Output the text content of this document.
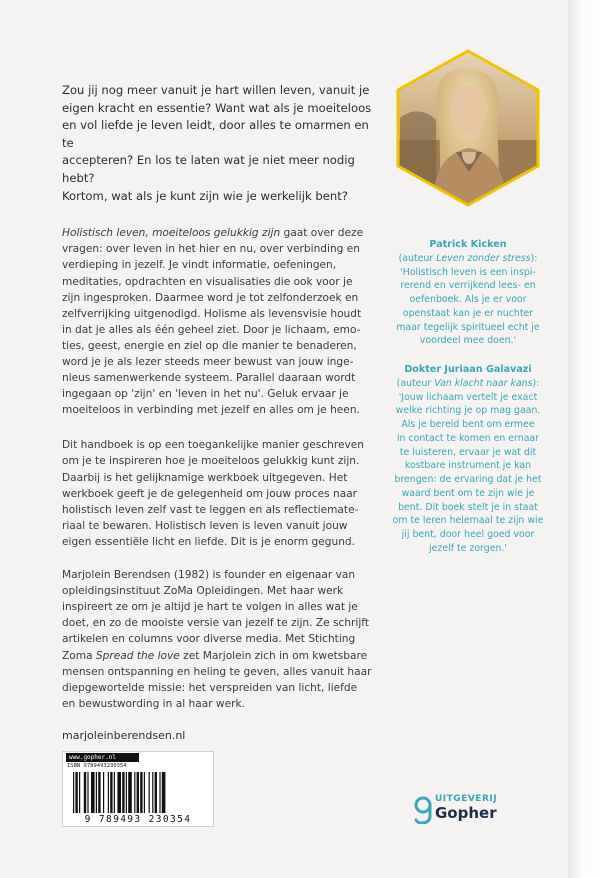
Zou jij nog meer vanuit je hart willen leven, vanuit je
eigen kracht en essentie? Want wat als je moeiteloos
en vol liefde je leven leidt, door alles te omarmen en te
accepteren? En los te laten wat je niet meer nodig hebt?
Kortom, wat als je kunt zijn wie je werkelijk bent?

Holistisch leven, moeiteloos gelukkig zijn gaat over deze
vragen: over leven in het hier en nu, over verbinding en
verdieping in jezelf. Je vindt informatie, oefeningen,
meditaties, opdrachten en visualisaties die ook voor je
zijn ingesproken. Daarmee word je tot zelfonderzoek en
zelfverrijking uitgenodigd. Holisme als levensvisie houdt
in dat je alles als één geheel ziet. Door je lichaam, emo-
ties, geest, energie en ziel op die manier te benaderen,
word je je als lezer steeds meer bewust van jouw inge-
nieus samenwerkende systeem. Parallel daaraan wordt
ingegaan op 'zijn' en 'leven in het nu'. Geluk ervaar je
moeiteloos in verbinding met jezelf en alles om je heen.

Dit handboek is op een toegankelijke manier geschreven
om je te inspireren hoe je moeiteloos gelukkig kunt zijn.
Daarbij is het gelijknamige werkboek uitgegeven. Het
werkboek geeft je de gelegenheid om jouw proces naar
holistisch leven zelf vast te leggen en als reflectiemate-
riaal te bewaren. Holistisch leven is leven vanuit jouw
eigen essentiële licht en liefde. Dit is je enorm gegund.

Marjolein Berendsen (1982) is founder en eigenaar van
opleidingsinstituut ZoMa Opleidingen. Met haar werk
inspireert ze om je altijd je hart te volgen in alles wat je
doet, en zo de mooiste versie van jezelf te zijn. Ze schrijft
artikelen en columns voor diverse media. Met Stichting
Zoma Spread the love zet Marjolein zich in om kwetsbare
mensen ontspanning en heling te geven, alles vanuit haar
diepgewortelde missie: het verspreiden van licht, liefde
en bewustwording in al haar werk.

marjoleinberendsen.nl
Patrick Kicken
(auteur Leven zonder stress):
'Holistisch leven is een inspi-
rerend en verrijkend lees- en
oefenboek. Als je er voor
openstaat kan je er nuchter
maar tegelijk spiritueel echt je
voordeel mee doen.'
Dokter Juriaan Galavazi
(auteur Van klacht naar kans):
'Jouw lichaam vertelt je exact
welke richting je op mag gaan.
Als je bereid bent om ermee
in contact te komen en ernaar
te luisteren, ervaar je wat dit
kostbare instrument je kan
brengen: de ervaring dat je het
waard bent om te zijn wie je
bent. Dit boek stelt je in staat
om te leren helemaal te zijn wie
jij bent, door heel goed voor
jezelf te zorgen.'
www.gopher.nl
ISBN 9789493230354
9 789493 230354
UITGEVERIJ
Gopher
